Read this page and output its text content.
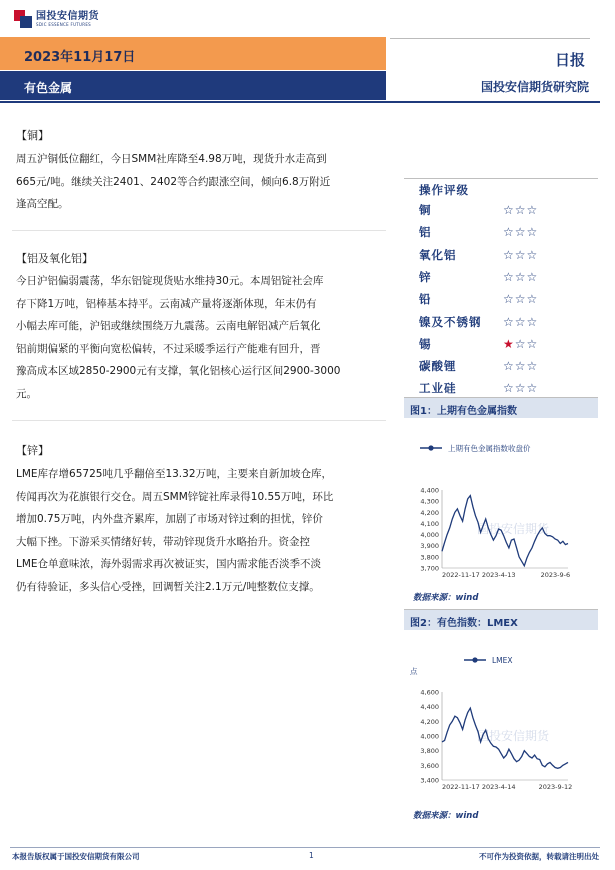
国投安信期货
SDIC ESSENCE FUTURES
2023年11月17日	日报
有色金属	国投安信期货研究院
【铜】
周五沪铜低位翻红，今日SMM社库降至4.98万吨，现货升水走高到
665元/吨。继续关注2401、2402等合约跟涨空间，倾向6.8万附近
逢高空配。
【铝及氧化铝】
今日沪铝偏弱震荡，华东铝锭现货贴水维持30元。本周铝锭社会库
存下降1万吨，铝棒基本持平。云南减产量将逐渐体现，年末仍有
小幅去库可能，沪铝或继续围绕万九震荡。云南电解铝减产后氧化
铝前期偏紧的平衡向宽松偏转，不过采暖季运行产能难有回升，晋
豫高成本区域2850-2900元有支撑，氧化铝核心运行区间2900-3000
元。
【锌】
LME库存增65725吨几乎翻倍至13.32万吨，主要来自新加坡仓库，
传闻再次为花旗银行交仓。周五SMM锌锭社库录得10.55万吨，环比
增加0.75万吨，内外盘齐累库，加剧了市场对锌过剩的担忧，锌价
大幅下挫。下游采买情绪好转，带动锌现货升水略抬升。资金控
LME仓单意味浓，海外弱需求再次被证实，国内需求能否淡季不淡
仍有待验证，多头信心受挫，回调暂关注2.1万元/吨整数位支撑。
操作评级
铜	☆ ☆ ☆
铝	☆ ☆ ☆
氧化铝	☆ ☆ ☆
锌	☆ ☆ ☆
铅	☆ ☆ ☆
镍及不锈钢	☆ ☆ ☆
锡	★ ☆ ☆
碳酸锂	☆ ☆ ☆
工业硅	☆ ☆ ☆
图1：上期有色金属指数
上期有色金属指数收盘价
4,400
4,300
4,200
4,100
4,000
3,900
3,800
3,700
国投安信期货
2022-11-17 2023-4-13	2023-9-6
数据来源：wind
图2：有色指数：LMEX
LMEX
点
4,600
4,400
4,200
4,000
3,800
3,600
3,400
国投安信期货
2022-11-17 2023-4-14	2023-9-12
数据来源：wind
本报告版权属于国投安信期货有限公司	1	不可作为投资依据，转载请注明出处
